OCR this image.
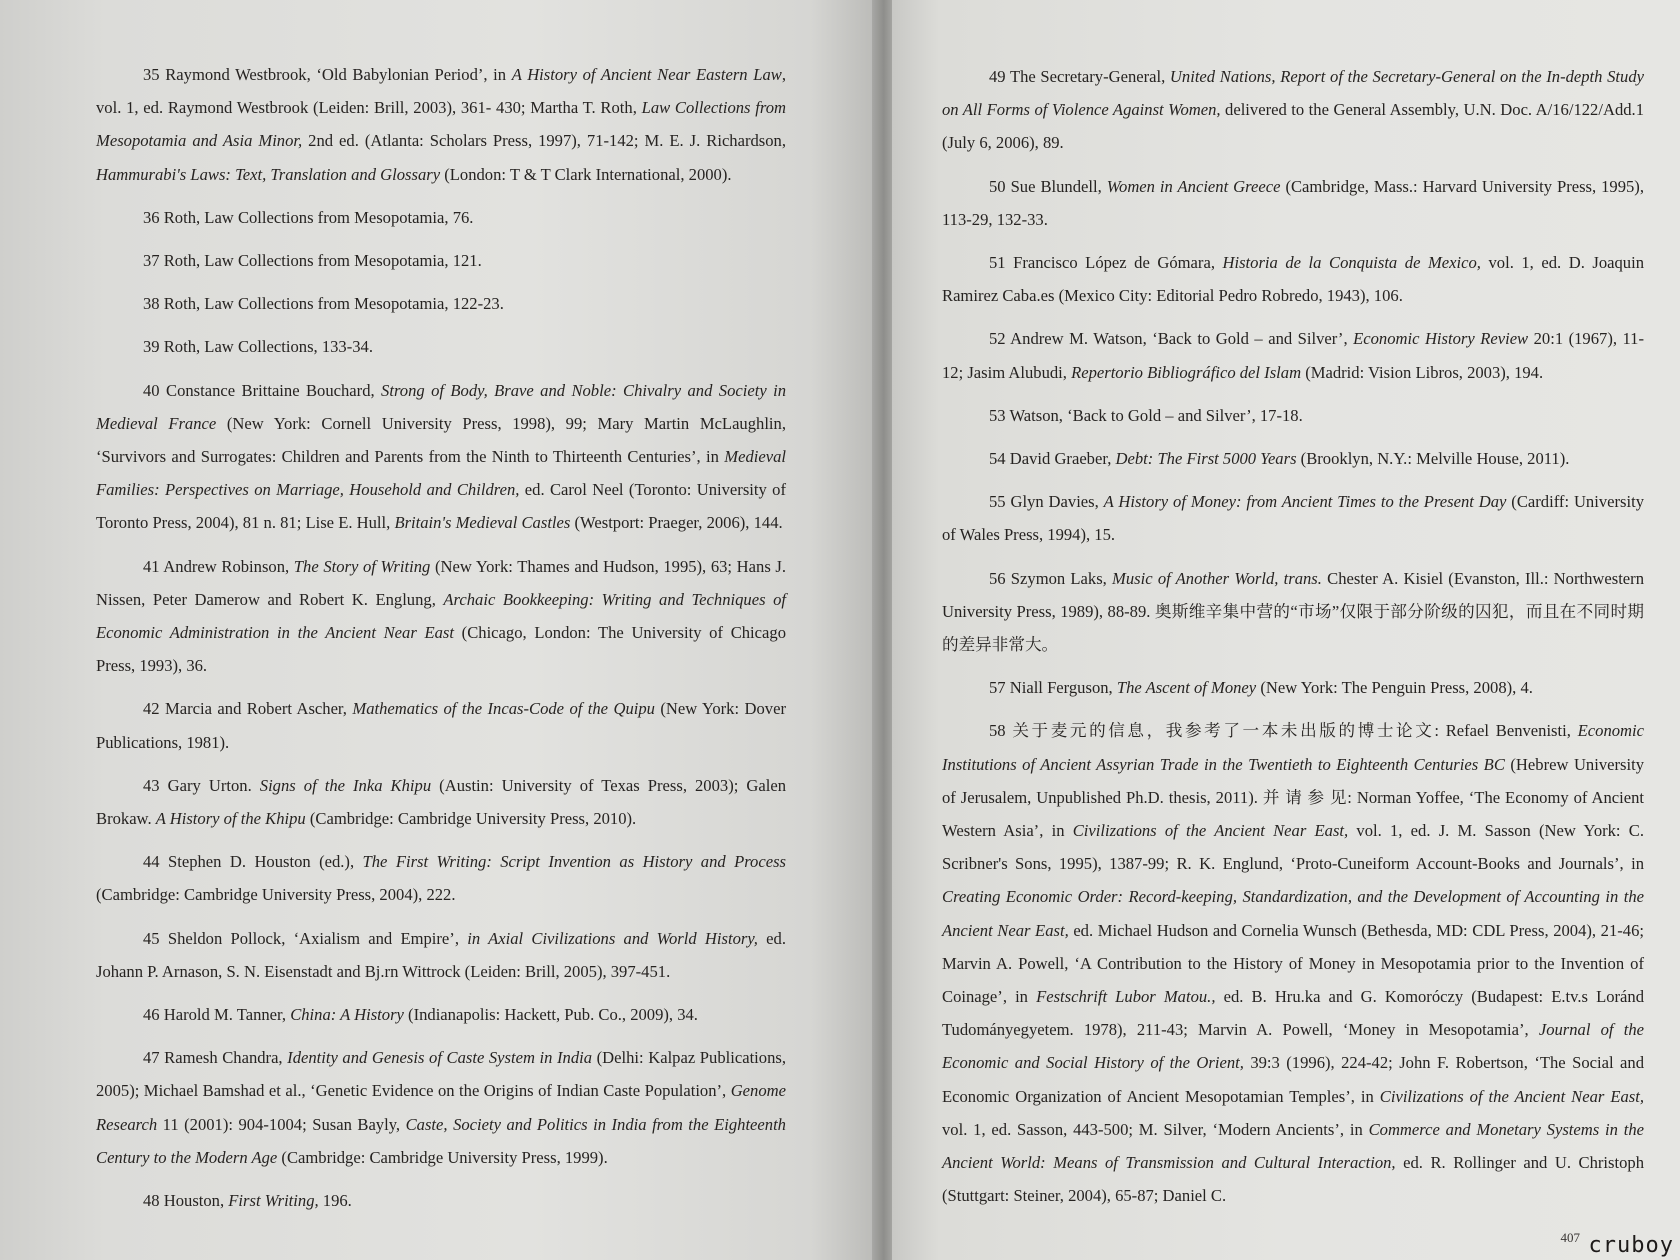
35 Raymond Westbrook, ‘Old Babylonian Period’, in A History of Ancient Near Eastern Law, vol. 1, ed. Raymond Westbrook (Leiden: Brill, 2003), 361- 430; Martha T. Roth, Law Collections from Mesopotamia and Asia Minor, 2nd ed. (Atlanta: Scholars Press, 1997), 71-142; M. E. J. Richardson, Hammurabi's Laws: Text, Translation and Glossary (London: T & T Clark International, 2000).

36 Roth, Law Collections from Mesopotamia, 76.

37 Roth, Law Collections from Mesopotamia, 121.

38 Roth, Law Collections from Mesopotamia, 122-23.

39 Roth, Law Collections, 133-34.

40 Constance Brittaine Bouchard, Strong of Body, Brave and Noble: Chivalry and Society in Medieval France (New York: Cornell University Press, 1998), 99; Mary Martin McLaughlin, ‘Survivors and Surrogates: Children and Parents from the Ninth to Thirteenth Centuries’, in Medieval Families: Perspectives on Marriage, Household and Children, ed. Carol Neel (Toronto: University of Toronto Press, 2004), 81 n. 81; Lise E. Hull, Britain's Medieval Castles (Westport: Praeger, 2006), 144.

41 Andrew Robinson, The Story of Writing (New York: Thames and Hudson, 1995), 63; Hans J. Nissen, Peter Damerow and Robert K. Englung, Archaic Bookkeeping: Writing and Techniques of Economic Administration in the Ancient Near East (Chicago, London: The University of Chicago Press, 1993), 36.

42 Marcia and Robert Ascher, Mathematics of the Incas-Code of the Quipu (New York: Dover Publications, 1981).

43 Gary Urton. Signs of the Inka Khipu (Austin: University of Texas Press, 2003); Galen Brokaw. A History of the Khipu (Cambridge: Cambridge University Press, 2010).

44 Stephen D. Houston (ed.), The First Writing: Script Invention as History and Process (Cambridge: Cambridge University Press, 2004), 222.

45 Sheldon Pollock, ‘Axialism and Empire’, in Axial Civilizations and World History, ed. Johann P. Arnason, S. N. Eisenstadt and Bj.rn Wittrock (Leiden: Brill, 2005), 397-451.

46 Harold M. Tanner, China: A History (Indianapolis: Hackett, Pub. Co., 2009), 34.

47 Ramesh Chandra, Identity and Genesis of Caste System in India (Delhi: Kalpaz Publications, 2005); Michael Bamshad et al., ‘Genetic Evidence on the Origins of Indian Caste Population’, Genome Research 11 (2001): 904-1004; Susan Bayly, Caste, Society and Politics in India from the Eighteenth Century to the Modern Age (Cambridge: Cambridge University Press, 1999).

48 Houston, First Writing, 196.

49 The Secretary-General, United Nations, Report of the Secretary-General on the In-depth Study on All Forms of Violence Against Women, delivered to the General Assembly, U.N. Doc. A/16/122/Add.1 (July 6, 2006), 89.

50 Sue Blundell, Women in Ancient Greece (Cambridge, Mass.: Harvard University Press, 1995), 113-29, 132-33.

51 Francisco López de Gómara, Historia de la Conquista de Mexico, vol. 1, ed. D. Joaquin Ramirez Caba.es (Mexico City: Editorial Pedro Robredo, 1943), 106.

52 Andrew M. Watson, ‘Back to Gold – and Silver’, Economic History Review 20:1 (1967), 11-12; Jasim Alubudi, Repertorio Bibliográfico del Islam (Madrid: Vision Libros, 2003), 194.

53 Watson, ‘Back to Gold – and Silver’, 17-18.

54 David Graeber, Debt: The First 5000 Years (Brooklyn, N.Y.: Melville House, 2011).

55 Glyn Davies, A History of Money: from Ancient Times to the Present Day (Cardiff: University of Wales Press, 1994), 15.

56 Szymon Laks, Music of Another World, trans. Chester A. Kisiel (Evanston, Ill.: Northwestern University Press, 1989), 88-89. 奥斯维辛集中营的“市场”仅限于部分阶级的囚犯，而且在不同时期的差异非常大。

57 Niall Ferguson, The Ascent of Money (New York: The Penguin Press, 2008), 4.

58 关于麦元的信息，我参考了一本未出版的博士论文: Refael Benvenisti, Economic Institutions of Ancient Assyrian Trade in the Twentieth to Eighteenth Centuries BC (Hebrew University of Jerusalem, Unpublished Ph.D. thesis, 2011). 并 请 参 见: Norman Yoffee, ‘The Economy of Ancient Western Asia’, in Civilizations of the Ancient Near East, vol. 1, ed. J. M. Sasson (New York: C. Scribner's Sons, 1995), 1387-99; R. K. Englund, ‘Proto-Cuneiform Account-Books and Journals’, in Creating Economic Order: Record-keeping, Standardization, and the Development of Accounting in the Ancient Near East, ed. Michael Hudson and Cornelia Wunsch (Bethesda, MD: CDL Press, 2004), 21-46; Marvin A. Powell, ‘A Contribution to the History of Money in Mesopotamia prior to the Invention of Coinage’, in Festschrift Lubor Matou., ed. B. Hru.ka and G. Komoróczy (Budapest: E.tv.s Loránd Tudományegyetem. 1978), 211-43; Marvin A. Powell, ‘Money in Mesopotamia’, Journal of the Economic and Social History of the Orient, 39:3 (1996), 224-42; John F. Robertson, ‘The Social and Economic Organization of Ancient Mesopotamian Temples’, in Civilizations of the Ancient Near East, vol. 1, ed. Sasson, 443-500; M. Silver, ‘Modern Ancients’, in Commerce and Monetary Systems in the Ancient World: Means of Transmission and Cultural Interaction, ed. R. Rollinger and U. Christoph (Stuttgart: Steiner, 2004), 65-87; Daniel C.

407 cruboy
